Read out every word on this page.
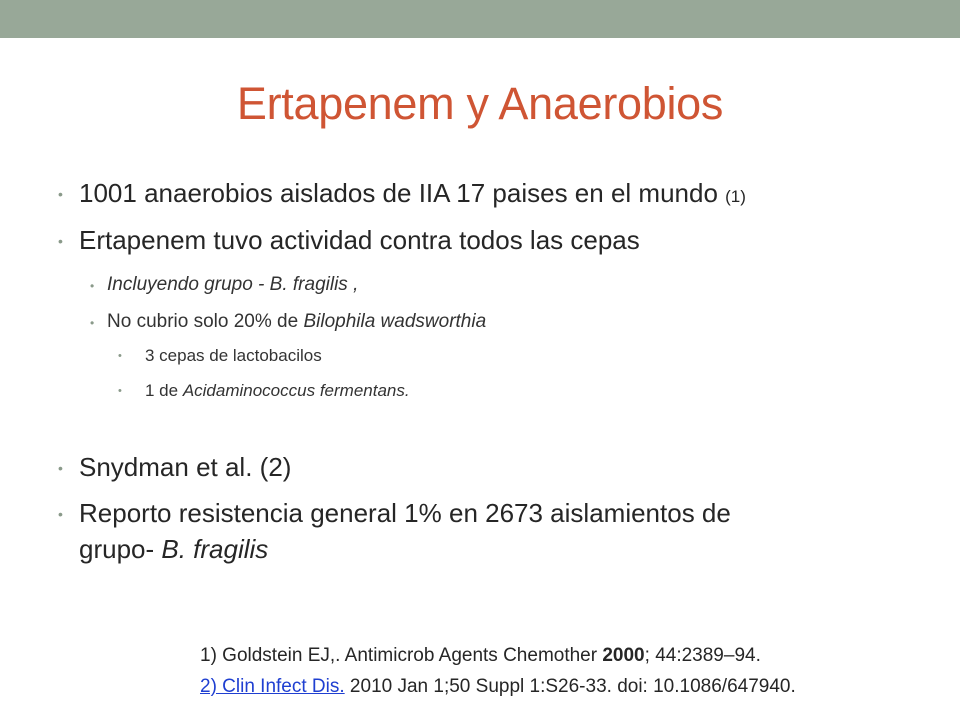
Ertapenem y Anaerobios
• 1001 anaerobios aislados de IIA 17 paises en el mundo (1)
• Ertapenem tuvo actividad contra todos las cepas
• Incluyendo grupo - B. fragilis ,
• No cubrio solo 20% de Bilophila wadsworthia
• 3 cepas de lactobacilos
• 1 de Acidaminococcus fermentans.
• Snydman et al. (2)
• Reporto resistencia general 1% en 2673 aislamientos de
grupo- B. fragilis
1) Goldstein EJ,. Antimicrob Agents Chemother 2000; 44:2389–94.
2) Clin Infect Dis. 2010 Jan 1;50 Suppl 1:S26-33. doi: 10.1086/647940.
